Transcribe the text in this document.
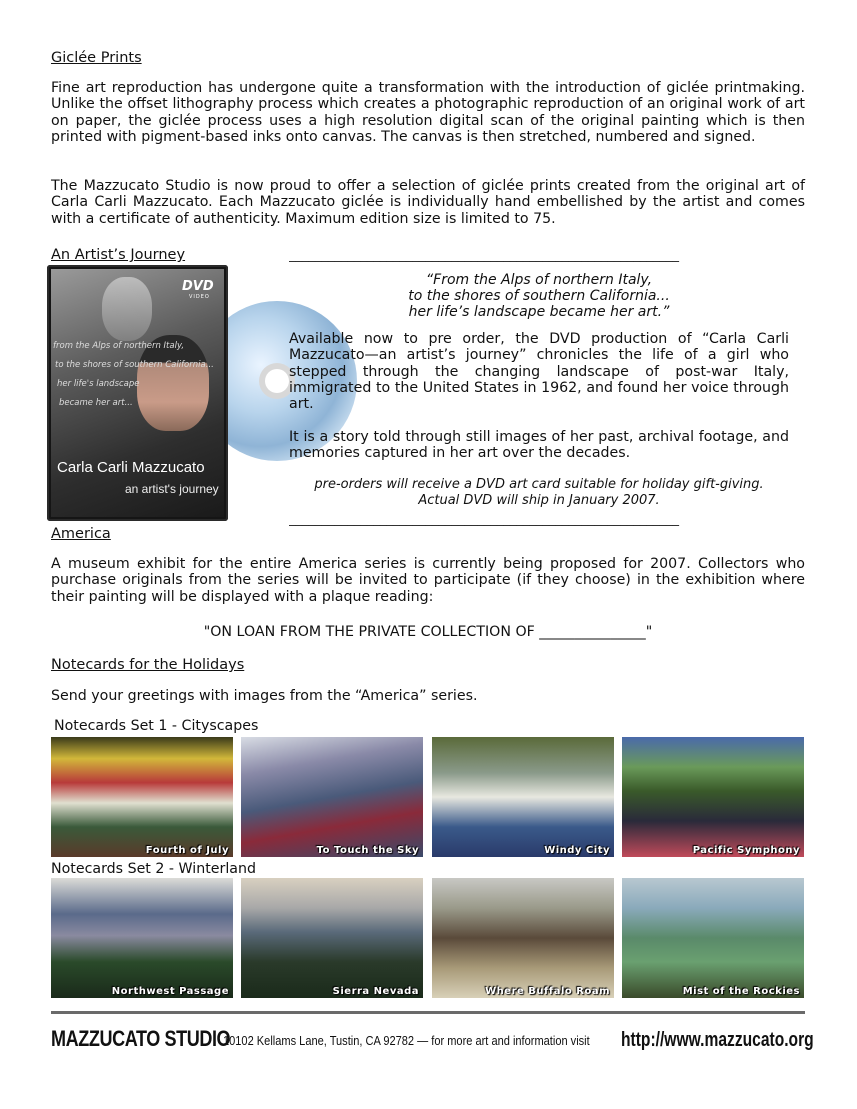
Giclée Prints
Fine art reproduction has undergone quite a transformation with the introduction of giclée printmaking. Unlike the offset lithography process which creates a photographic reproduction of an original work of art on paper, the giclée process uses a high resolution digital scan of the original painting which is then printed with pigment-based inks onto canvas. The canvas is then stretched, numbered and signed.
The Mazzucato Studio is now proud to offer a selection of giclée prints created from the original art of Carla Carli Mazzucato. Each Mazzucato giclée is individually hand embellished by the artist and comes with a certificate of authenticity. Maximum edition size is limited to 75.
An Artist’s Journey	____________________________________________________________
DVD
VIDEO
from the Alps of northern Italy,
to the shores of southern California...
her life's landscape
became her art...
Carla Carli Mazzucato
an artist's journey
“From the Alps of northern Italy,
to the shores of southern California...
her life’s landscape became her art.”
Available now to pre order, the DVD production of “Carla Carli Mazzucato—an artist’s journey” chronicles the life of a girl who stepped through the changing landscape of post-war Italy, immigrated to the United States in 1962, and found her voice through art.
It is a story told through still images of her past, archival footage, and memories captured in her art over the decades.
pre-orders will receive a DVD art card suitable for holiday gift-giving.
Actual DVD will ship in January 2007.
____________________________________________________________
America
A museum exhibit for the entire America series is currently being proposed for 2007. Collectors who purchase originals from the series will be invited to participate (if they choose) in the exhibition where their painting will be displayed with a plaque reading:
"ON LOAN FROM THE PRIVATE COLLECTION OF _______________"
Notecards for the Holidays
Send your greetings with images from the “America” series.
Notecards Set 1 - Cityscapes
Fourth of July	To Touch the Sky	Windy City	Pacific Symphony
Notecards Set 2 - Winterland
Northwest Passage	Sierra Nevada	Where Buffalo Roam	Mist of the Rockies
MAZZUCATO STUDIO
10102 Kellams Lane, Tustin, CA 92782 — for more art and information visit http://www.mazzucato.org
